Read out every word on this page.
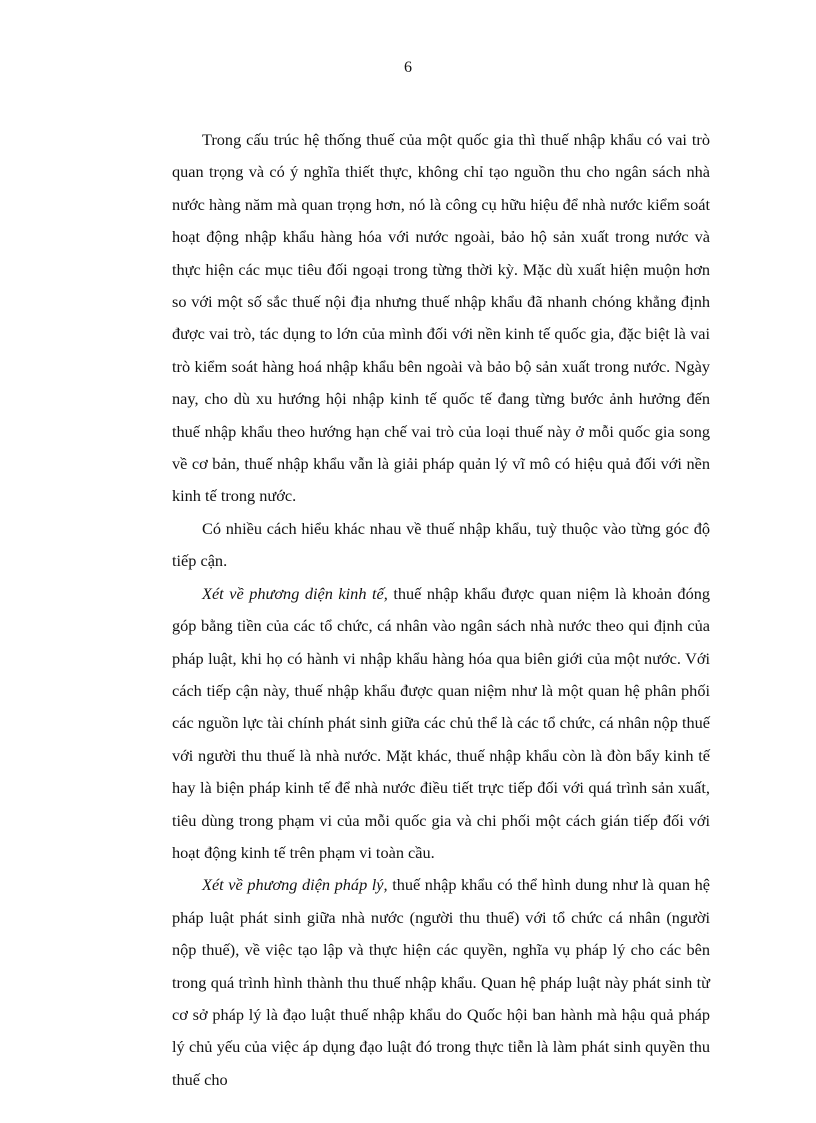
6

Trong cấu trúc hệ thống thuế của một quốc gia thì thuế nhập khẩu có vai trò quan trọng và có ý nghĩa thiết thực, không chỉ tạo nguồn thu cho ngân sách nhà nước hàng năm mà quan trọng hơn, nó là công cụ hữu hiệu để nhà nước kiểm soát hoạt động nhập khẩu hàng hóa với nước ngoài, bảo hộ sản xuất trong nước và thực hiện các mục tiêu đối ngoại trong từng thời kỳ. Mặc dù xuất hiện muộn hơn so với một số sắc thuế nội địa nhưng thuế nhập khẩu đã nhanh chóng khẳng định được vai trò, tác dụng to lớn của mình đối với nền kinh tế quốc gia, đặc biệt là vai trò kiểm soát hàng hoá nhập khẩu bên ngoài và bảo bộ sản xuất trong nước. Ngày nay, cho dù xu hướng hội nhập kinh tế quốc tế đang từng bước ảnh hưởng đến thuế nhập khẩu theo hướng hạn chế vai trò của loại thuế này ở mỗi quốc gia song về cơ bản, thuế nhập khẩu vẫn là giải pháp quản lý vĩ mô có hiệu quả đối với nền kinh tế trong nước.

Có nhiều cách hiểu khác nhau về thuế nhập khẩu, tuỳ thuộc vào từng góc độ tiếp cận.

Xét về phương diện kinh tế, thuế nhập khẩu được quan niệm là khoản đóng góp bằng tiền của các tổ chức, cá nhân vào ngân sách nhà nước theo qui định của pháp luật, khi họ có hành vi nhập khẩu hàng hóa qua biên giới của một nước. Với cách tiếp cận này, thuế nhập khẩu được quan niệm như là một quan hệ phân phối các nguồn lực tài chính phát sinh giữa các chủ thể là các tổ chức, cá nhân nộp thuế với người thu thuế là nhà nước. Mặt khác, thuế nhập khẩu còn là đòn bẩy kinh tế hay là biện pháp kinh tế để nhà nước điều tiết trực tiếp đối với quá trình sản xuất, tiêu dùng trong phạm vi của mỗi quốc gia và chi phối một cách gián tiếp đối với hoạt động kinh tế trên phạm vi toàn cầu.

Xét về phương diện pháp lý, thuế nhập khẩu có thể hình dung như là quan hệ pháp luật phát sinh giữa nhà nước (người thu thuế) với tổ chức cá nhân (người nộp thuế), về việc tạo lập và thực hiện các quyền, nghĩa vụ pháp lý cho các bên trong quá trình hình thành thu thuế nhập khẩu. Quan hệ pháp luật này phát sinh từ cơ sở pháp lý là đạo luật thuế nhập khẩu do Quốc hội ban hành mà hậu quả pháp lý chủ yếu của việc áp dụng đạo luật đó trong thực tiễn là làm phát sinh quyền thu thuế cho
